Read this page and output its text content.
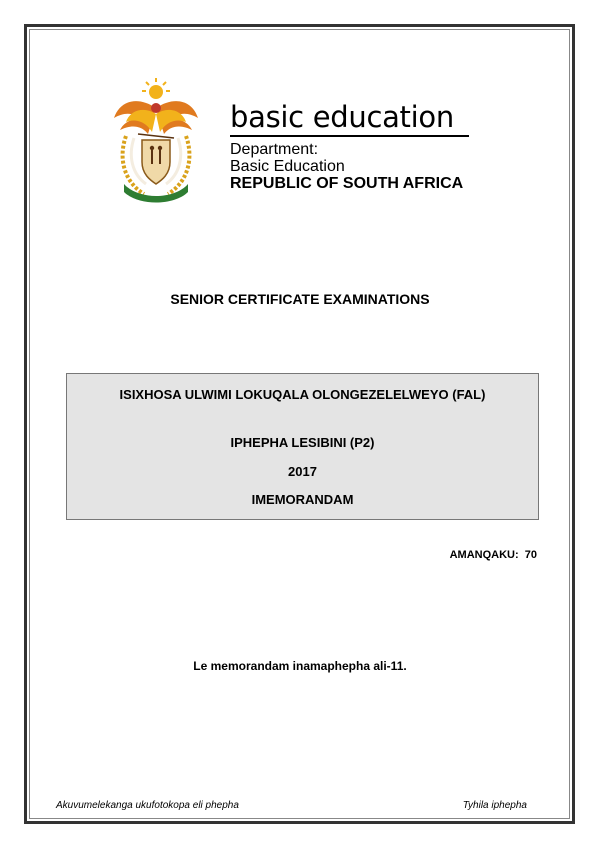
basic education
Department:
Basic Education
REPUBLIC OF SOUTH AFRICA
SENIOR CERTIFICATE EXAMINATIONS
ISIXHOSA ULWIMI LOKUQALA OLONGEZELELWEYO (FAL)
IPHEPHA LESIBINI (P2)
2017
IMEMORANDAM
AMANQAKU:  70
Le memorandam inamaphepha ali-11.
Akuvumelekanga ukufotokopa eli phepha	Tyhila iphepha
